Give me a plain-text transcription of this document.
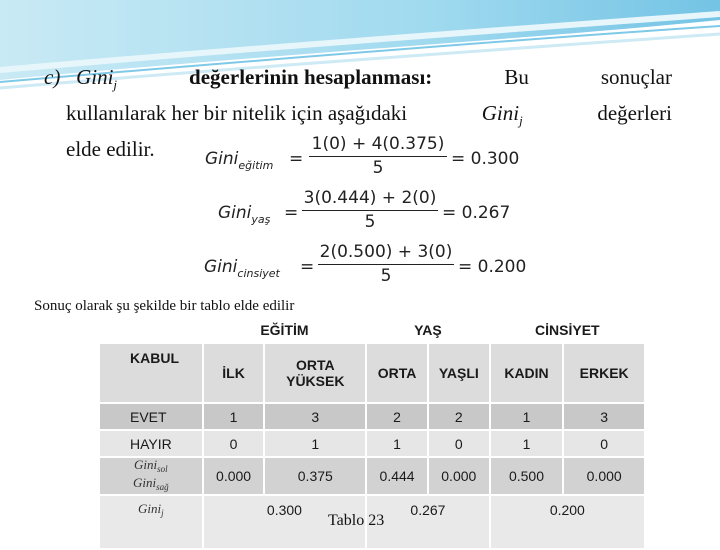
c) Gini$_j$	değerlerinin hesaplanması:	Bu	sonuçlar
kullanılarak her bir nitelik için aşağıdaki	Gini$_j$	değerleri
elde edilir.	Gini$_{eğitim}$ =
1(0) + 4(0.375)
5	= 0.300
Gini$_{yaş}$ =
3(0.444) + 2(0)
5	= 0.267
Gini$_{cinsiyet}$ =
2(0.500) + 3(0)
5	= 0.200
Sonuç olarak şu şekilde bir tablo elde edilir
	EĞİTİM		YAŞ		CİNSİYET	
KABUL	İLK	ORTA YÜKSEK	ORTA	YAŞLI	KADIN	ERKEK
EVET	1	3	2	2	1	3
HAYIR	0	1	1	0	1	0

Gini$_{sol}$
Gini$_{sağ}$	0.000	0.375	0.444	0.000	0.500	0.000
Gini$_j$	0.300		0.267		0.200	
Tablo 23
